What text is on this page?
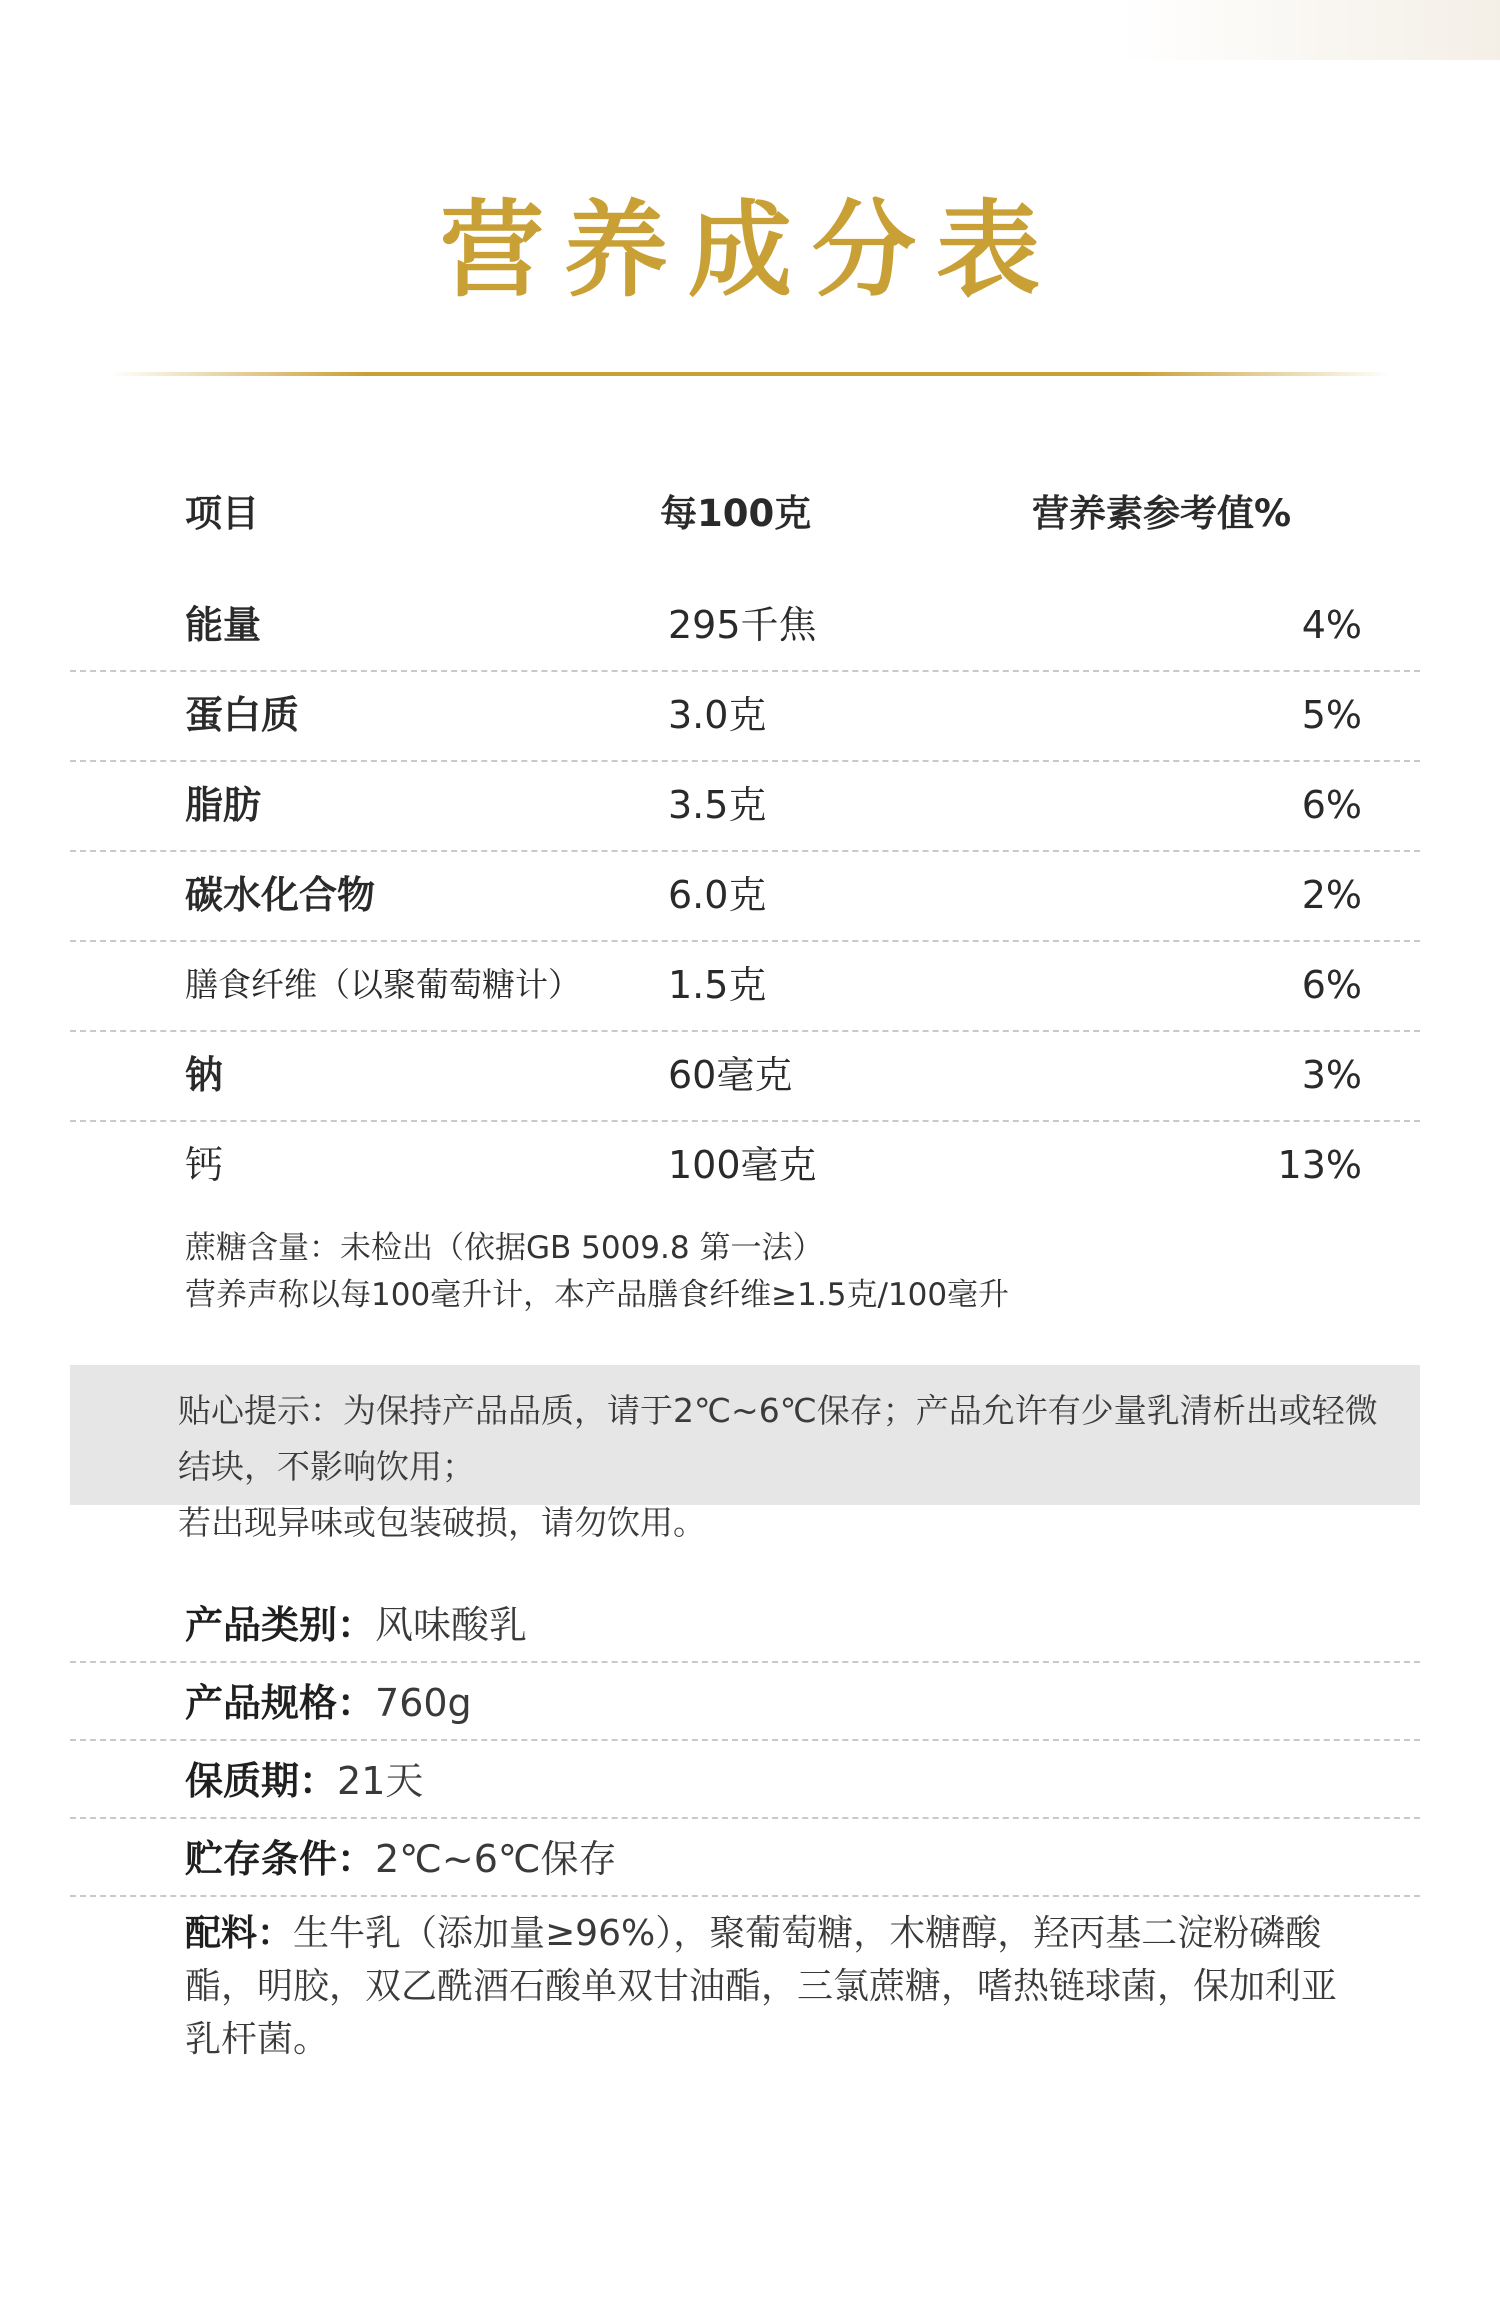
营养成分表
项目	每100克	营养素参考值%
能量	295千焦	4%
蛋白质	3.0克	5%
脂肪	3.5克	6%
碳水化合物	6.0克	2%
膳食纤维（以聚葡萄糖计） 1.5克	6%
钠	60毫克	3%
钙	100毫克	13%
蔗糖含量：未检出（依据GB 5009.8 第一法）
营养声称以每100毫升计，本产品膳食纤维≥1.5克/100毫升
贴心提示：为保持产品品质，请于2℃~6℃保存；产品允许有少量乳清析出或轻微结块，不影响饮用；
若出现异味或包装破损，请勿饮用。
产品类别：风味酸乳
产品规格：760g
保质期：21天
贮存条件：2℃~6℃保存
配料：生牛乳（添加量≥96%），聚葡萄糖，木糖醇，羟丙基二淀粉磷酸酯，明胶，双乙酰酒石酸单双甘油酯，三氯蔗糖，嗜热链球菌，保加利亚乳杆菌。
